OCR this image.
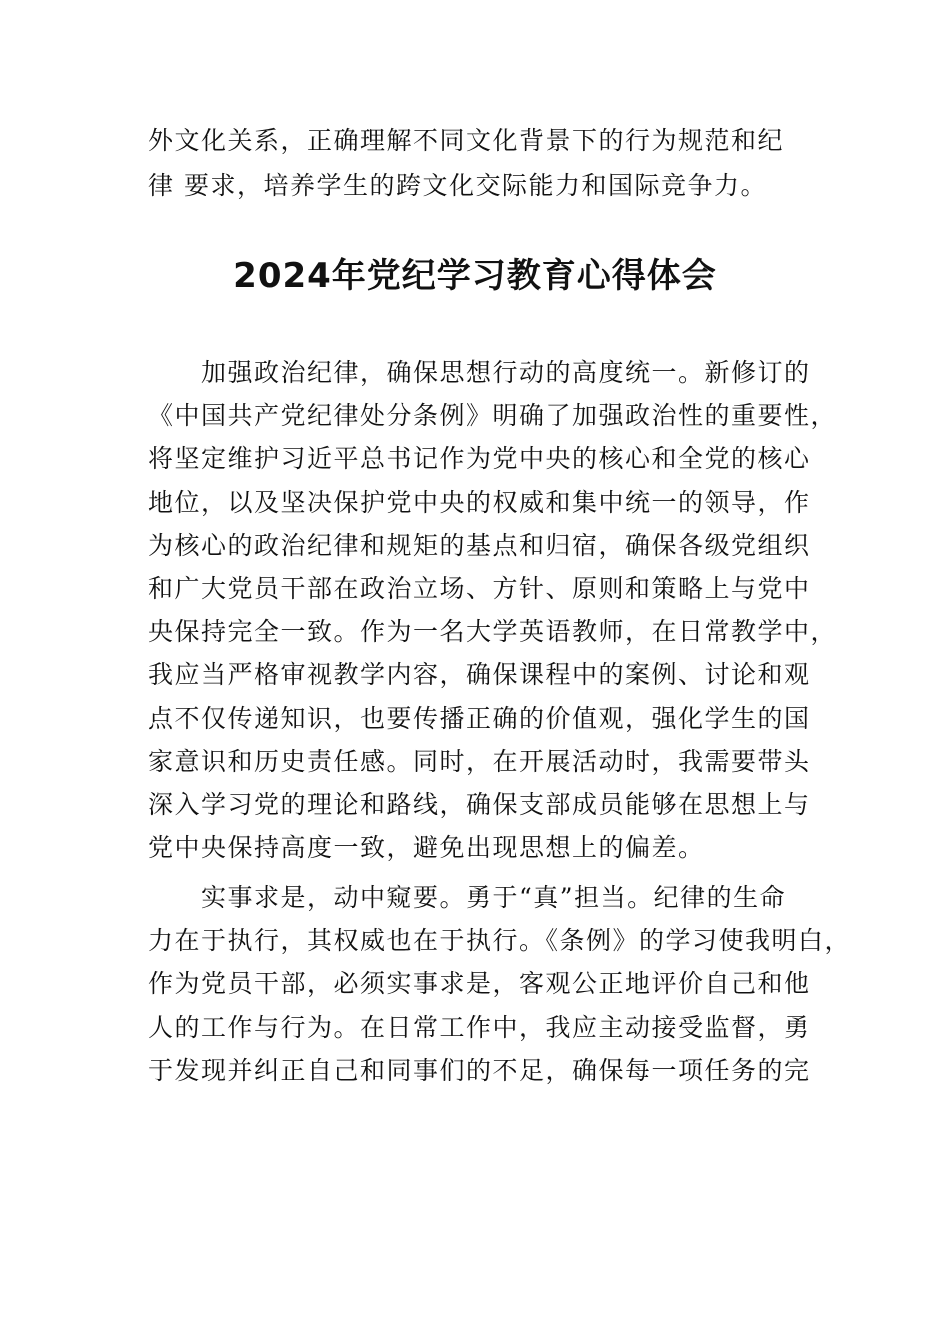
外文化关系，正确理解不同文化背景下的行为规范和纪
律 要求，培养学生的跨文化交际能力和国际竞争力。
2024年党纪学习教育心得体会
　　加强政治纪律，确保思想行动的高度统一。新修订的
《中国共产党纪律处分条例》明确了加强政治性的重要性，
将坚定维护习近平总书记作为党中央的核心和全党的核心
地位，以及坚决保护党中央的权威和集中统一的领导，作
为核心的政治纪律和规矩的基点和归宿，确保各级党组织
和广大党员干部在政治立场、方针、原则和策略上与党中
央保持完全一致。作为一名大学英语教师，在日常教学中，
我应当严格审视教学内容，确保课程中的案例、讨论和观
点不仅传递知识，也要传播正确的价值观，强化学生的国
家意识和历史责任感。同时，在开展活动时，我需要带头
深入学习党的理论和路线，确保支部成员能够在思想上与
党中央保持高度一致，避免出现思想上的偏差。
　　实事求是，动中窥要。勇于“真”担当。纪律的生命
力在于执行，其权威也在于执行。《条例》的学习使我明白，
作为党员干部，必须实事求是，客观公正地评价自己和他
人的工作与行为。在日常工作中，我应主动接受监督，勇
于发现并纠正自己和同事们的不足，确保每一项任务的完
